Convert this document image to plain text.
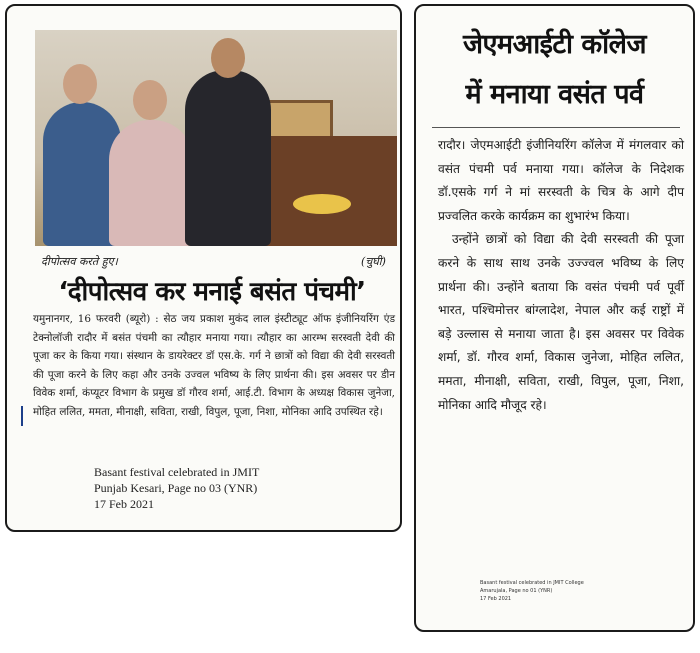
दीपोत्सव करते हुए।	(चुघी)
‘दीपोत्सव कर मनाई बसंत पंचमी’
यमुनानगर, 16 फरवरी (ब्यूरो) : सेठ जय प्रकाश मुकंद लाल इंस्टीट्यूट ऑफ इंजीनियरिंग एंड टेक्नोलॉजी रादौर में बसंत पंचमी का त्यौहार मनाया गया। त्यौहार का आरम्भ सरस्वती देवी की पूजा कर के किया गया। संस्थान के डायरेक्टर डॉ एस.के. गर्ग ने छात्रों को विद्या की देवी सरस्वती की पूजा करने के लिए कहा और उनके उज्वल भविष्य के लिए प्रार्थना की। इस अवसर पर डीन विवेक शर्मा, कंप्यूटर विभाग के प्रमुख डॉ गौरव शर्मा, आई.टी. विभाग के अध्यक्ष विकास जुनेजा, मोहित ललित, ममता, मीनाक्षी, सविता, राखी, विपुल, पूजा, निशा, मोनिका आदि उपस्थित रहे।
Basant festival celebrated in JMIT
Punjab Kesari, Page no 03 (YNR)
17 Feb 2021
जेएमआईटी कॉलेज
में मनाया वसंत पर्व

रादौर। जेएमआईटी इंजीनियरिंग कॉलेज में मंगलवार को वसंत पंचमी पर्व मनाया गया। कॉलेज के निदेशक डॉ.एसके गर्ग ने मां सरस्वती के चित्र के आगे दीप प्रज्वलित करके कार्यक्रम का शुभारंभ किया।

उन्होंने छात्रों को विद्या की देवी सरस्वती की पूजा करने के साथ साथ उनके उज्ज्वल भविष्य के लिए प्रार्थना की। उन्होंने बताया कि वसंत पंचमी पर्व पूर्वी भारत, पश्चिमोत्तर बांग्लादेश, नेपाल और कई राष्ट्रों में बड़े उल्लास से मनाया जाता है। इस अवसर पर विवेक शर्मा, डॉ. गौरव शर्मा, विकास जुनेजा, मोहित ललित, ममता, मीनाक्षी, सविता, राखी, विपुल, पूजा, निशा, मोनिका आदि मौजूद रहे।

Basant festival celebrated in JMIT College
Amarujala, Page no 01 (YNR)
17 Feb 2021
